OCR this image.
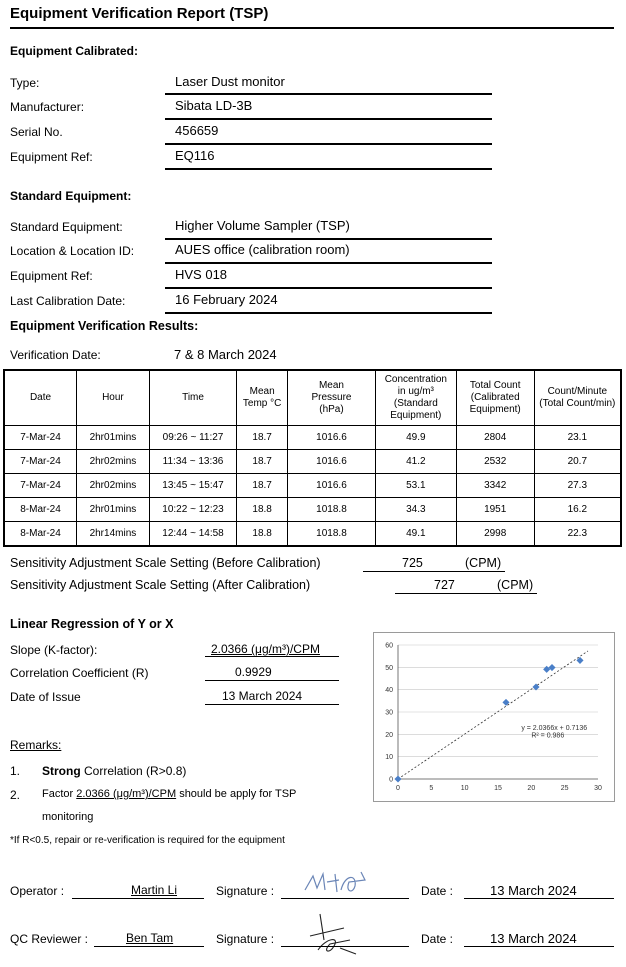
Equipment Verification Report (TSP)
Equipment Calibrated:
Type:	Laser Dust monitor
Manufacturer:	Sibata LD-3B
Serial No.	456659
Equipment Ref:	EQ116
Standard Equipment:
Standard Equipment:	Higher Volume Sampler (TSP)
Location & Location ID:	AUES office (calibration room)
Equipment Ref:	HVS 018
Last Calibration Date:	16 February 2024
Equipment Verification Results:
Verification Date:	7 & 8 March 2024
Date	Hour	Time	Mean Temp °C	Mean Pressure (hPa)	Concentration in ug/m³ (Standard Equipment)	Total Count (Calibrated Equipment)	Count/Minute (Total Count/min)
7-Mar-24	2hr01mins	09:26 ~ 11:27	18.7	1016.6	49.9	2804	23.1
7-Mar-24	2hr02mins	11:34 ~ 13:36	18.7	1016.6	41.2	2532	20.7
7-Mar-24	2hr02mins	13:45 ~ 15:47	18.7	1016.6	53.1	3342	27.3
8-Mar-24	2hr01mins	10:22 ~ 12:23	18.8	1018.8	34.3	1951	16.2
8-Mar-24	2hr14mins	12:44 ~ 14:58	18.8	1018.8	49.1	2998	22.3
Sensitivity Adjustment Scale Setting (Before Calibration)	725	(CPM)
Sensitivity Adjustment Scale Setting (After Calibration)	727	(CPM)
Linear Regression of Y or X
Slope (K-factor):	2.0366 (μg/m³)/CPM
Correlation Coefficient (R)	0.9929
Date of Issue	13 March 2024
0
10
20
30
40
50
60
0	5	10	15	20	25	30
y = 2.0366x + 0.7136
R² = 0.986
Remarks:
1. Strong Correlation (R>0.8)
2. Factor 2.0366 (μg/m³)/CPM should be apply for TSP
monitoring
*If R<0.5, repair or re-verification is required for the equipment
Operator :	Martin Li	Signature :	Date :	13 March 2024
QC Reviewer :	Ben Tam	Signature :	Date :	13 March 2024
